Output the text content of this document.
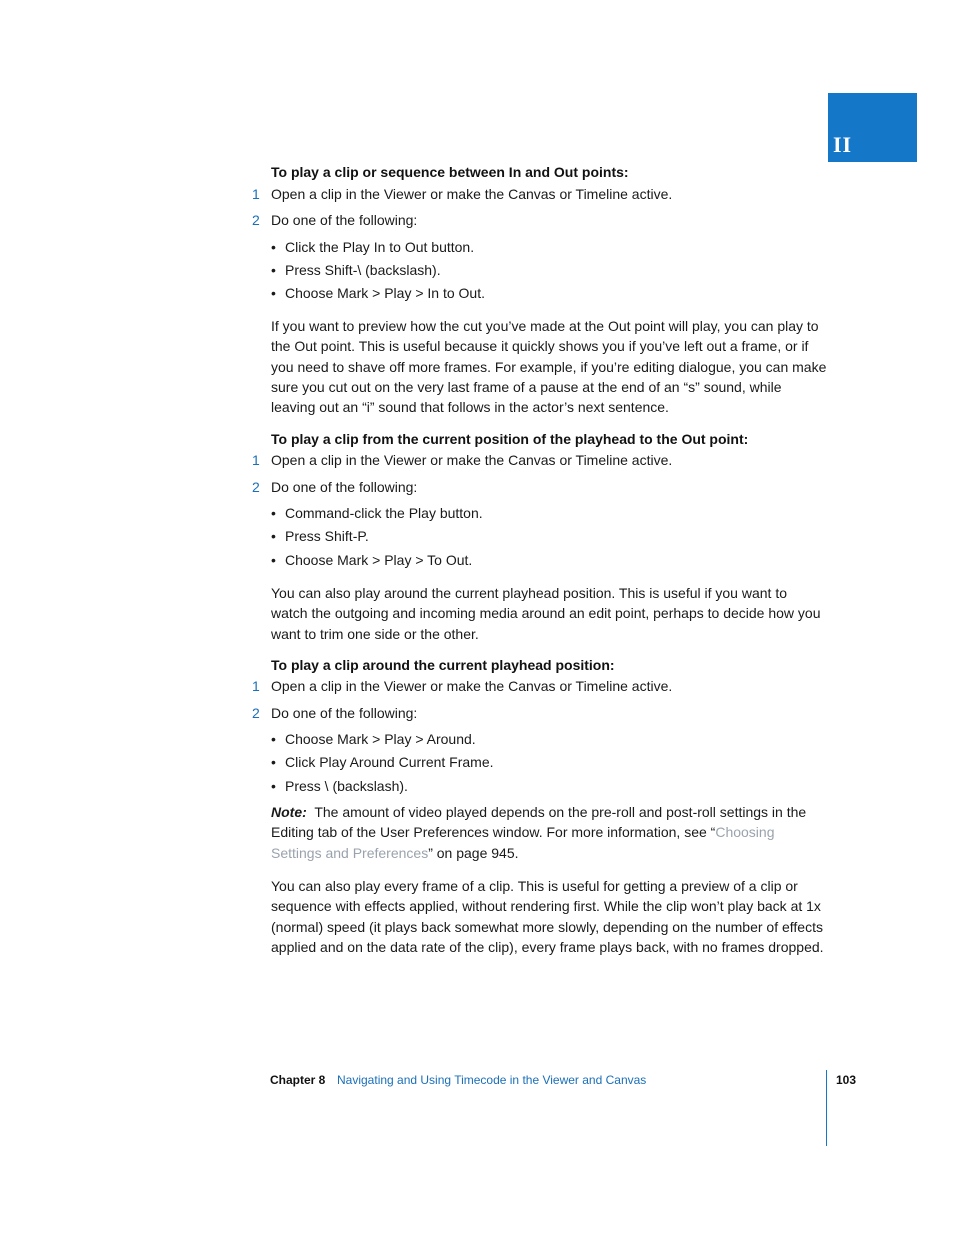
II
To play a clip or sequence between In and Out points:
1 Open a clip in the Viewer or make the Canvas or Timeline active.
2 Do one of the following:
• Click the Play In to Out button.
• Press Shift-\ (backslash).
• Choose Mark > Play > In to Out.
If you want to preview how the cut you’ve made at the Out point will play, you can play to the Out point. This is useful because it quickly shows you if you’ve left out a frame, or if you need to shave off more frames. For example, if you’re editing dialogue, you can make sure you cut out on the very last frame of a pause at the end of an “s” sound, while leaving out an “i” sound that follows in the actor’s next sentence.
To play a clip from the current position of the playhead to the Out point:
1 Open a clip in the Viewer or make the Canvas or Timeline active.
2 Do one of the following:
• Command-click the Play button.
• Press Shift-P.
• Choose Mark > Play > To Out.
You can also play around the current playhead position. This is useful if you want to watch the outgoing and incoming media around an edit point, perhaps to decide how you want to trim one side or the other.
To play a clip around the current playhead position:
1 Open a clip in the Viewer or make the Canvas or Timeline active.
2 Do one of the following:
• Choose Mark > Play > Around.
• Click Play Around Current Frame.
• Press \ (backslash).
Note: The amount of video played depends on the pre-roll and post-roll settings in the Editing tab of the User Preferences window. For more information, see “Choosing Settings and Preferences” on page 945.
You can also play every frame of a clip. This is useful for getting a preview of a clip or sequence with effects applied, without rendering first. While the clip won’t play back at 1x (normal) speed (it plays back somewhat more slowly, depending on the number of effects applied and on the data rate of the clip), every frame plays back, with no frames dropped.
Chapter 8 Navigating and Using Timecode in the Viewer and Canvas	103
